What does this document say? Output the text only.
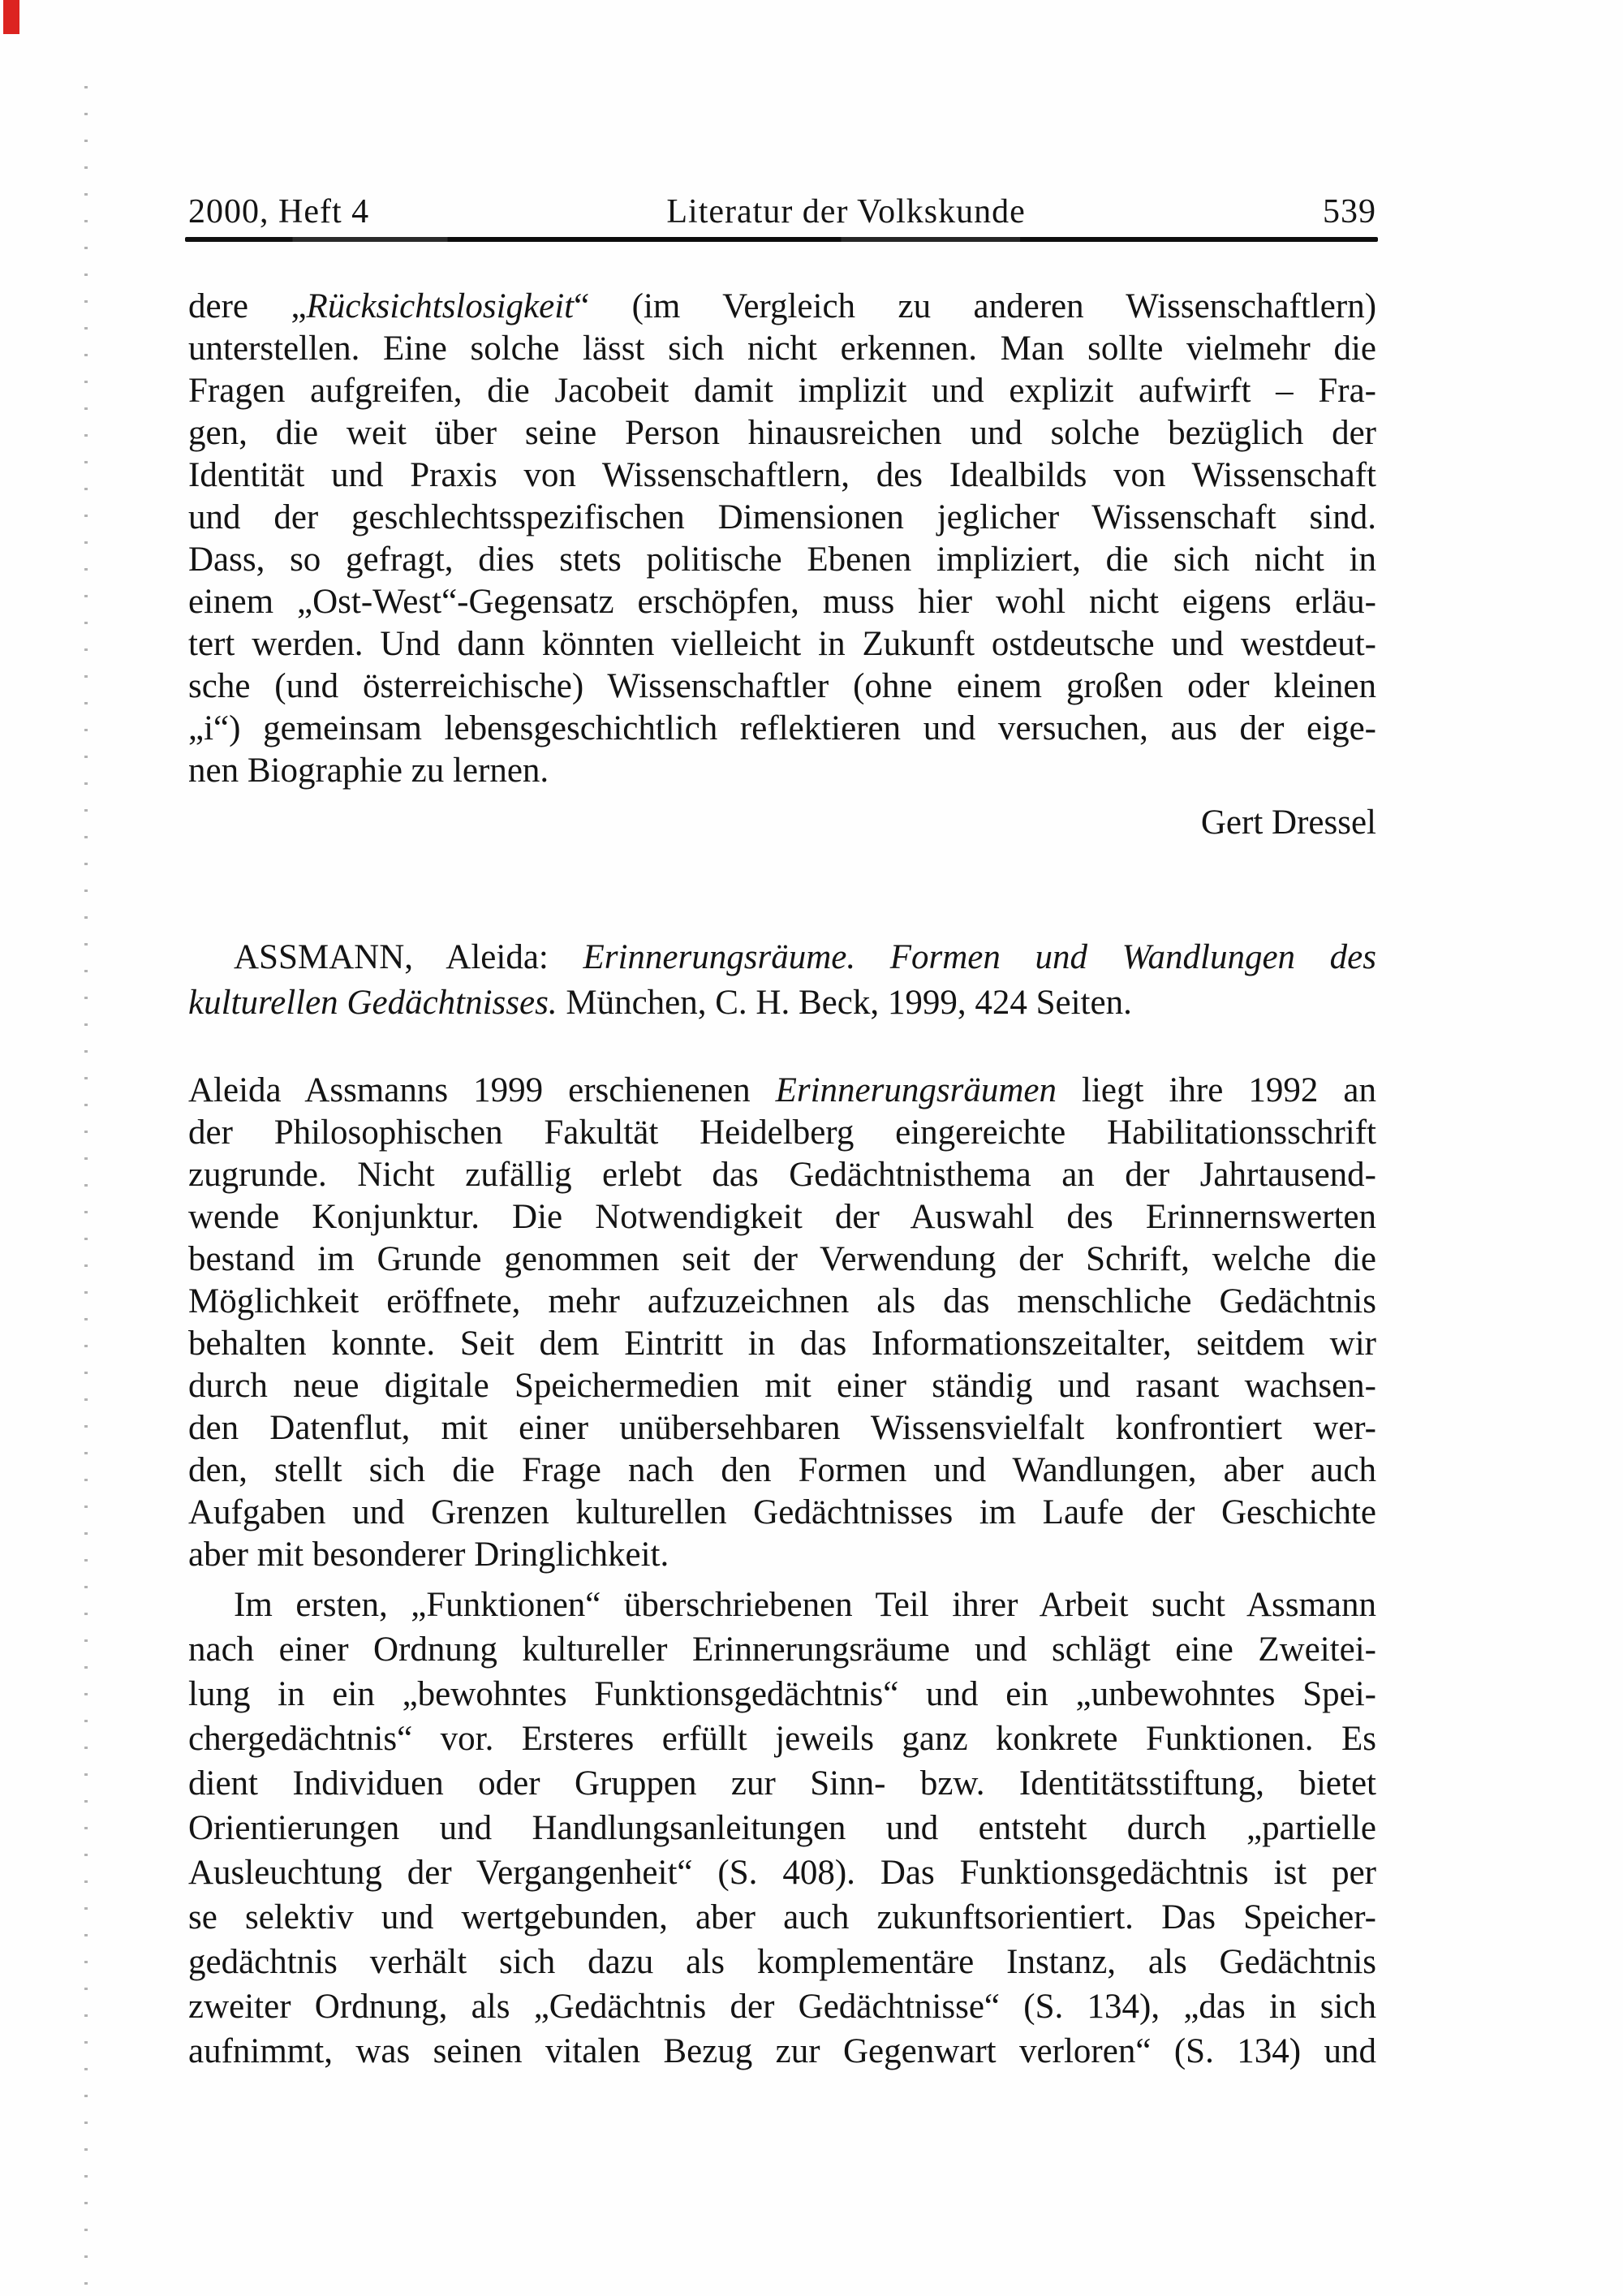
2000, Heft 4	Literatur der Volkskunde	539
dere „Rücksichtslosigkeit“ (im Vergleich zu anderen Wissenschaftlern)
unterstellen. Eine solche lässt sich nicht erkennen. Man sollte vielmehr die
Fragen aufgreifen, die Jacobeit damit implizit und explizit aufwirft – Fra-
gen, die weit über seine Person hinausreichen und solche bezüglich der
Identität und Praxis von Wissenschaftlern, des Idealbilds von Wissenschaft
und der geschlechtsspezifischen Dimensionen jeglicher Wissenschaft sind.
Dass, so gefragt, dies stets politische Ebenen impliziert, die sich nicht in
einem „Ost-West“-Gegensatz erschöpfen, muss hier wohl nicht eigens erläu-
tert werden. Und dann könnten vielleicht in Zukunft ostdeutsche und westdeut-
sche (und österreichische) Wissenschaftler (ohne einem großen oder kleinen
„i“) gemeinsam lebensgeschichtlich reflektieren und versuchen, aus der eige-
nen Biographie zu lernen.
Gert Dressel
ASSMANN, Aleida: Erinnerungsräume. Formen und Wandlungen des
kulturellen Gedächtnisses. München, C. H. Beck, 1999, 424 Seiten.
Aleida Assmanns 1999 erschienenen Erinnerungsräumen liegt ihre 1992 an
der Philosophischen Fakultät Heidelberg eingereichte Habilitationsschrift
zugrunde. Nicht zufällig erlebt das Gedächtnisthema an der Jahrtausend-
wende Konjunktur. Die Notwendigkeit der Auswahl des Erinnernswerten
bestand im Grunde genommen seit der Verwendung der Schrift, welche die
Möglichkeit eröffnete, mehr aufzuzeichnen als das menschliche Gedächtnis
behalten konnte. Seit dem Eintritt in das Informationszeitalter, seitdem wir
durch neue digitale Speichermedien mit einer ständig und rasant wachsen-
den Datenflut, mit einer unübersehbaren Wissensvielfalt konfrontiert wer-
den, stellt sich die Frage nach den Formen und Wandlungen, aber auch
Aufgaben und Grenzen kulturellen Gedächtnisses im Laufe der Geschichte
aber mit besonderer Dringlichkeit.
Im ersten, „Funktionen“ überschriebenen Teil ihrer Arbeit sucht Assmann
nach einer Ordnung kultureller Erinnerungsräume und schlägt eine Zweitei-
lung in ein „bewohntes Funktionsgedächtnis“ und ein „unbewohntes Spei-
chergedächtnis“ vor. Ersteres erfüllt jeweils ganz konkrete Funktionen. Es
dient Individuen oder Gruppen zur Sinn- bzw. Identitätsstiftung, bietet
Orientierungen und Handlungsanleitungen und entsteht durch „partielle
Ausleuchtung der Vergangenheit“ (S. 408). Das Funktionsgedächtnis ist per
se selektiv und wertgebunden, aber auch zukunftsorientiert. Das Speicher-
gedächtnis verhält sich dazu als komplementäre Instanz, als Gedächtnis
zweiter Ordnung, als „Gedächtnis der Gedächtnisse“ (S. 134), „das in sich
aufnimmt, was seinen vitalen Bezug zur Gegenwart verloren“ (S. 134) und
